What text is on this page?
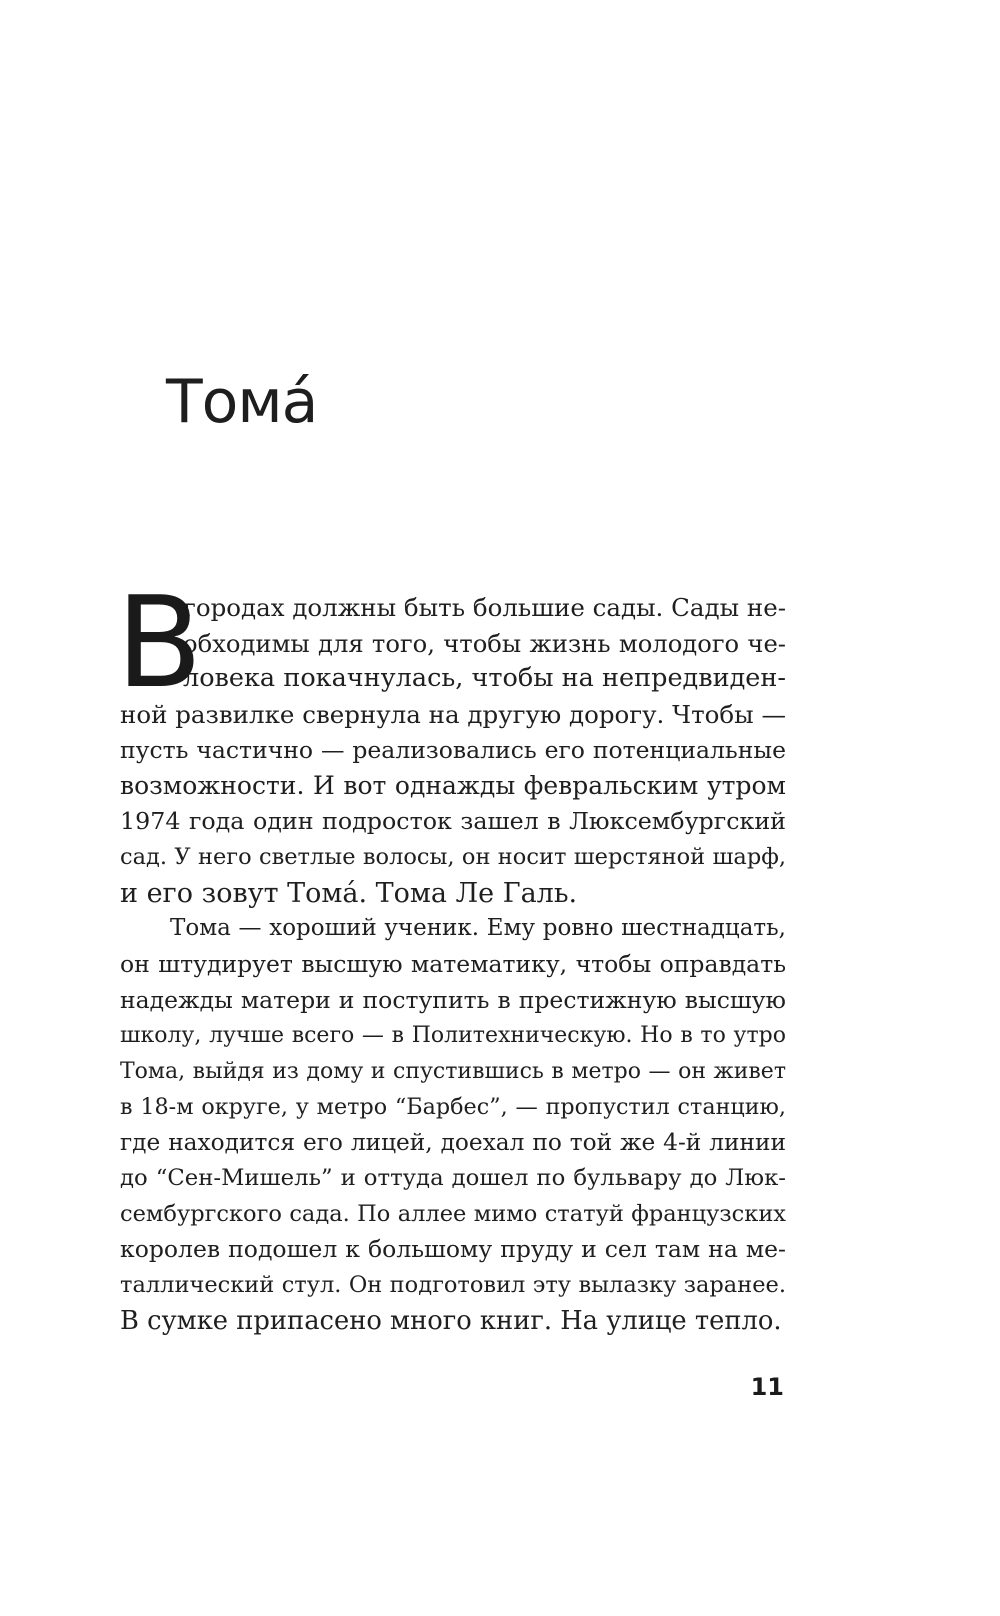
Тома́
В
городах должны быть большие сады. Сады не-
обходимы для того, чтобы жизнь молодого че-
ловека покачнулась, чтобы на непредвиден-
ной развилке свернула на другую дорогу. Чтобы —
пусть частично — реализовались его потенциальные
возможности. И вот однажды февральским утром
1974 года один подросток зашел в Люксембургский
сад. У него светлые волосы, он носит шерстяной шарф,
и его зовут Тома́. Тома Ле Галь.
Тома — хороший ученик. Ему ровно шестнадцать,
он штудирует высшую математику, чтобы оправдать
надежды матери и поступить в престижную высшую
школу, лучше всего — в Политехническую. Но в то утро
Тома, выйдя из дому и спустившись в метро — он живет
в 18-м округе, у метро “Барбес”, — пропустил станцию,
где находится его лицей, доехал по той же 4-й линии
до “Сен-Мишель” и оттуда дошел по бульвару до Люк-
сембургского сада. По аллее мимо статуй французских
королев подошел к большому пруду и сел там на ме-
таллический стул. Он подготовил эту вылазку заранее.
В сумке припасено много книг. На улице тепло.
11
